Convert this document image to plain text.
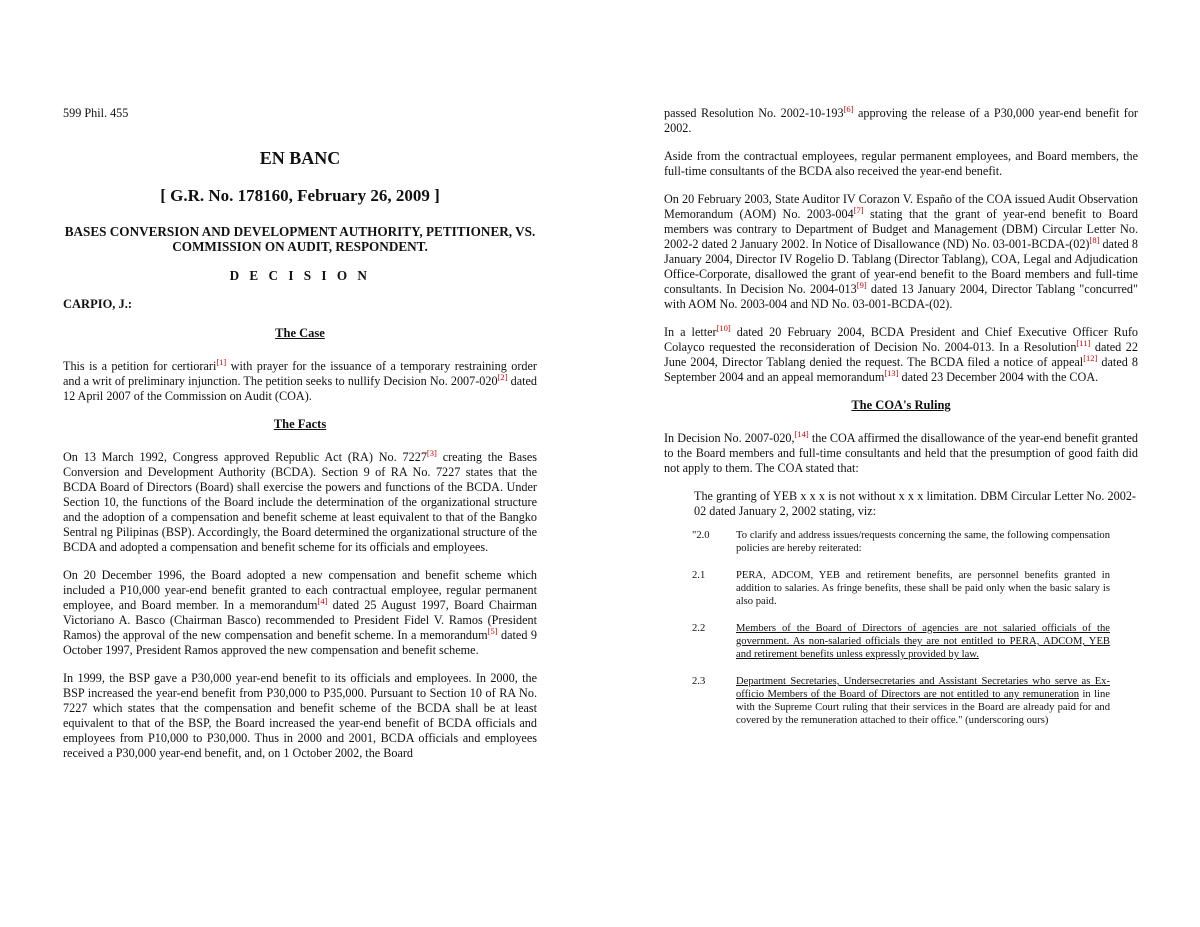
599 Phil. 455

EN BANC
[ G.R. No. 178160, February 26, 2009 ]
BASES CONVERSION AND DEVELOPMENT AUTHORITY, PETITIONER, VS. COMMISSION ON AUDIT, RESPONDENT.
D E C I S I O N
CARPIO, J.:
The Case

This is a petition for certiorari[1] with prayer for the issuance of a temporary restraining order and a writ of preliminary injunction. The petition seeks to nullify Decision No. 2007-020[2] dated 12 April 2007 of the Commission on Audit (COA).

The Facts

On 13 March 1992, Congress approved Republic Act (RA) No. 7227[3] creating the Bases Conversion and Development Authority (BCDA). Section 9 of RA No. 7227 states that the BCDA Board of Directors (Board) shall exercise the powers and functions of the BCDA. Under Section 10, the functions of the Board include the determination of the organizational structure and the adoption of a compensation and benefit scheme at least equivalent to that of the Bangko Sentral ng Pilipinas (BSP). Accordingly, the Board determined the organizational structure of the BCDA and adopted a compensation and benefit scheme for its officials and employees.

On 20 December 1996, the Board adopted a new compensation and benefit scheme which included a P10,000 year-end benefit granted to each contractual employee, regular permanent employee, and Board member. In a memorandum[4] dated 25 August 1997, Board Chairman Victoriano A. Basco (Chairman Basco) recommended to President Fidel V. Ramos (President Ramos) the approval of the new compensation and benefit scheme. In a memorandum[5] dated 9 October 1997, President Ramos approved the new compensation and benefit scheme.

In 1999, the BSP gave a P30,000 year-end benefit to its officials and employees. In 2000, the BSP increased the year-end benefit from P30,000 to P35,000. Pursuant to Section 10 of RA No. 7227 which states that the compensation and benefit scheme of the BCDA shall be at least equivalent to that of the BSP, the Board increased the year-end benefit of BCDA officials and employees from P10,000 to P30,000. Thus in 2000 and 2001, BCDA officials and employees received a P30,000 year-end benefit, and, on 1 October 2002, the Board

passed Resolution No. 2002-10-193[6] approving the release of a P30,000 year-end benefit for 2002.

Aside from the contractual employees, regular permanent employees, and Board members, the full-time consultants of the BCDA also received the year-end benefit.

On 20 February 2003, State Auditor IV Corazon V. Españo of the COA issued Audit Observation Memorandum (AOM) No. 2003-004[7] stating that the grant of year-end benefit to Board members was contrary to Department of Budget and Management (DBM) Circular Letter No. 2002-2 dated 2 January 2002. In Notice of Disallowance (ND) No. 03-001-BCDA-(02)[8] dated 8 January 2004, Director IV Rogelio D. Tablang (Director Tablang), COA, Legal and Adjudication Office-Corporate, disallowed the grant of year-end benefit to the Board members and full-time consultants. In Decision No. 2004-013[9] dated 13 January 2004, Director Tablang "concurred" with AOM No. 2003-004 and ND No. 03-001-BCDA-(02).

In a letter[10] dated 20 February 2004, BCDA President and Chief Executive Officer Rufo Colayco requested the reconsideration of Decision No. 2004-013. In a Resolution[11] dated 22 June 2004, Director Tablang denied the request. The BCDA filed a notice of appeal[12] dated 8 September 2004 and an appeal memorandum[13] dated 23 December 2004 with the COA.

The COA's Ruling

In Decision No. 2007-020,[14] the COA affirmed the disallowance of the year-end benefit granted to the Board members and full-time consultants and held that the presumption of good faith did not apply to them. The COA stated that:

The granting of YEB x x x is not without x x x limitation. DBM Circular Letter No. 2002-02 dated January 2, 2002 stating, viz:

"2.0	To clarify and address issues/requests concerning the same, the following compensation policies are hereby reiterated:
2.1	PERA, ADCOM, YEB and retirement benefits, are personnel benefits granted in addition to salaries. As fringe benefits, these shall be paid only when the basic salary is also paid.
2.2	Members of the Board of Directors of agencies are not salaried officials of the government. As non-salaried officials they are not entitled to PERA, ADCOM, YEB and retirement benefits unless expressly provided by law.
2.3	Department Secretaries, Undersecretaries and Assistant Secretaries who serve as Ex-officio Members of the Board of Directors are not entitled to any remuneration in line with the Supreme Court ruling that their services in the Board are already paid for and covered by the remuneration attached to their office." (underscoring ours)
